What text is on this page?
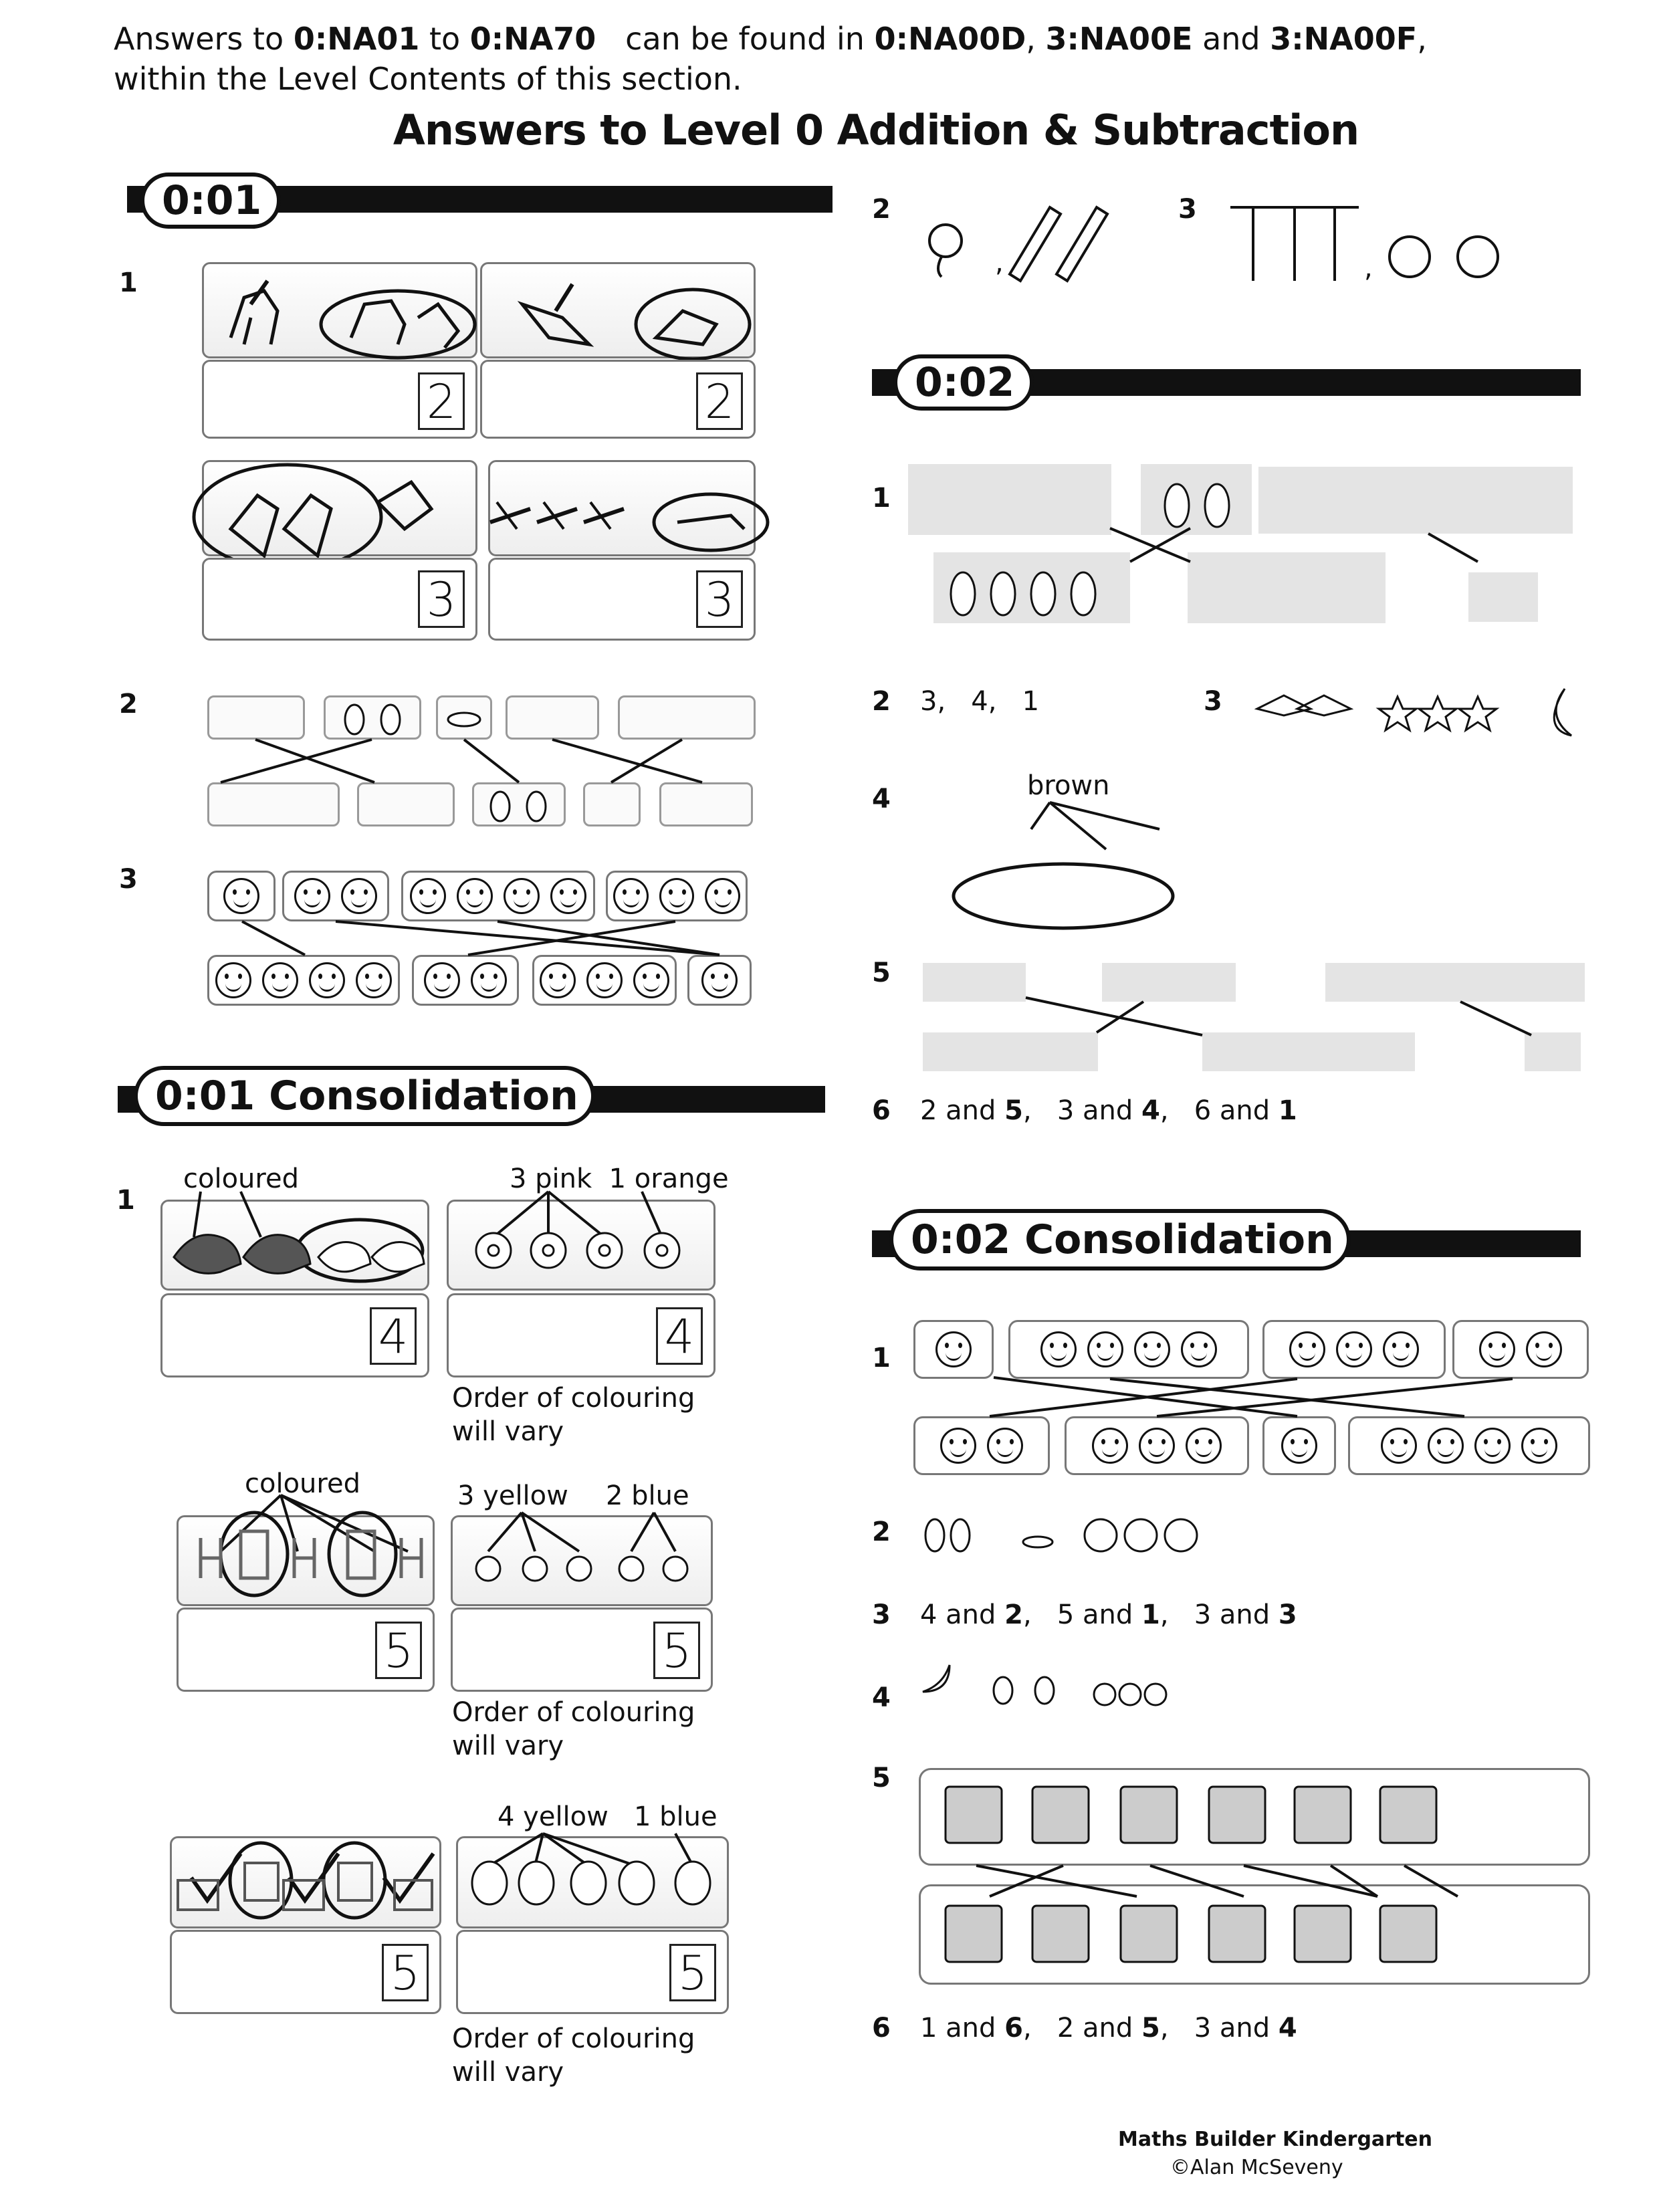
Answers to 0:NA01 to 0:NA70   can be found in 0:NA00D, 3:NA00E and 3:NA00F,
within the Level Contents of this section.
Answers to Level 0 Addition & Subtraction
0:01
1
2	2
3	3
2
3
0:01 Consolidation
1
coloured	3 pink  1 orange
4	4
Order of colouring
will vary
coloured	3 yellow 2 blue
5	5
Order of colouring
will vary
4 yellow 1 blue
5	5
Order of colouring
will vary
2	3
,	,
0:02
1
2 3,   4,   1	3
4	brown
5
6 2 and 5,   3 and 4,   6 and 1
0:02 Consolidation
1
2
3 4 and 2,   5 and 1,   3 and 3
4
5
6 1 and 6,   2 and 5,   3 and 4
Maths Builder Kindergarten
©Alan McSeveny
